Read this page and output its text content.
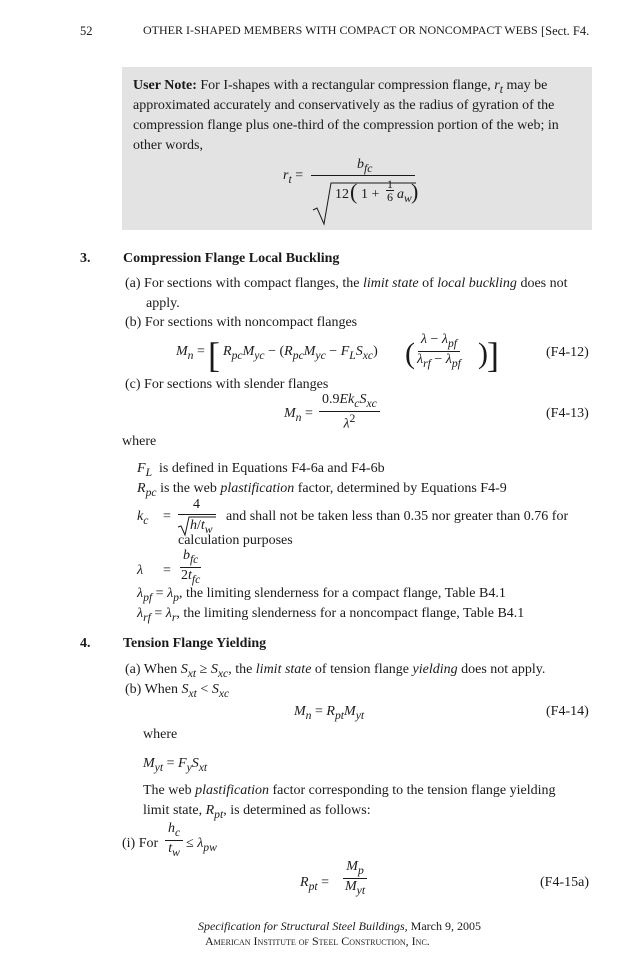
52	OTHER I-SHAPED MEMBERS WITH COMPACT OR NONCOMPACT WEBS [Sect. F4.
User Note: For I-shapes with a rectangular compression flange, $r_t$ may be
approximated accurately and conservatively as the radius of gyration of the
compression flange plus one-third of the compression portion of the web; in
other words,
$r_t$ =
$b_{fc}$
12 ( 1 +
1
6 $a_w$ )
3. Compression Flange Local Buckling
(a) For sections with compact flanges, the limit state of local buckling does not
apply.
(b) For sections with noncompact flanges
$M_n$ = [ $R_{pc}M_{yc} - (R_{pc}M_{yc} - F_LS_{xc})$ ( $\lambda - \lambda_{pf}$
$\lambda_{rf} - \lambda_{pf}$ ) ]	(F4-12)
(c) For sections with slender flanges
$M_n$ =
$0.9Ek_cS_{xc}$
$\lambda^2$	(F4-13)
where
$F_L$ is defined in Equations F4-6a and F4-6b
$R_{pc}$ is the web plastification factor, determined by Equations F4-9
$k_c$ =
4
$h/t_w$
and shall not be taken less than 0.35 nor greater than 0.76 for
calculation purposes
λ =
$b_{fc}$
$2t_{fc}$
$\lambda_{pf} = \lambda_p$, the limiting slenderness for a compact flange, Table B4.1
$\lambda_{rf} = \lambda_r$, the limiting slenderness for a noncompact flange, Table B4.1
4. Tension Flange Yielding
(a) When $S_{xt} \ge S_{xc}$, the limit state of tension flange yielding does not apply.
(b) When $S_{xt} < S_{xc}$
$M_n = R_{pt}M_{yt}$	(F4-14)
where
$M_{yt} = F_yS_{xt}$
The web plastification factor corresponding to the tension flange yielding
limit state, $R_{pt}$, is determined as follows:
(i) For $\frac{h_c}{t_w} \le \lambda_{pw}$
$R_{pt}$ =
$M_p$
$M_{yt}$
(F4-15a)
Specification for Structural Steel Buildings, March 9, 2005
American Institute of Steel Construction, Inc.
